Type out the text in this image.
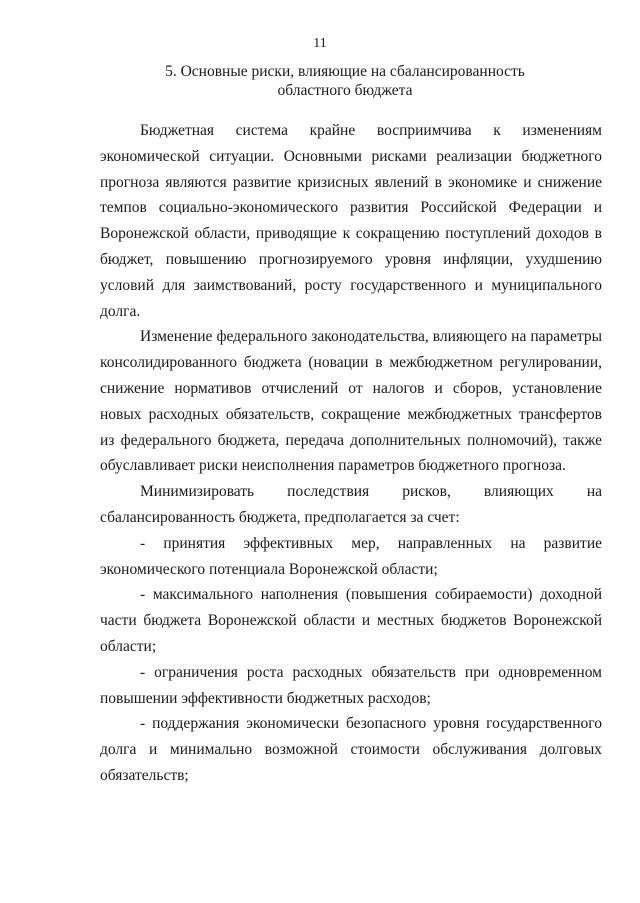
11
5. Основные риски, влияющие на сбалансированность
областного бюджета

Бюджетная система крайне восприимчива к изменениям экономической ситуации. Основными рисками реализации бюджетного прогноза являются развитие кризисных явлений в экономике и снижение темпов социально-экономического развития Российской Федерации и Воронежской области, приводящие к сокращению поступлений доходов в бюджет, повышению прогнозируемого уровня инфляции, ухудшению условий для заимствований, росту государственного и муниципального долга.

Изменение федерального законодательства, влияющего на параметры консолидированного бюджета (новации в межбюджетном регулировании, снижение нормативов отчислений от налогов и сборов, установление новых расходных обязательств, сокращение межбюджетных трансфертов из федерального бюджета, передача дополнительных полномочий), также обуславливает риски неисполнения параметров бюджетного прогноза.

Минимизировать последствия рисков, влияющих на сбалансированность бюджета, предполагается за счет:

- принятия эффективных мер, направленных на развитие экономического потенциала Воронежской области;

- максимального наполнения (повышения собираемости) доходной части бюджета Воронежской области и местных бюджетов Воронежской области;

- ограничения роста расходных обязательств при одновременном повышении эффективности бюджетных расходов;

- поддержания экономически безопасного уровня государственного долга и минимально возможной стоимости обслуживания долговых обязательств;
